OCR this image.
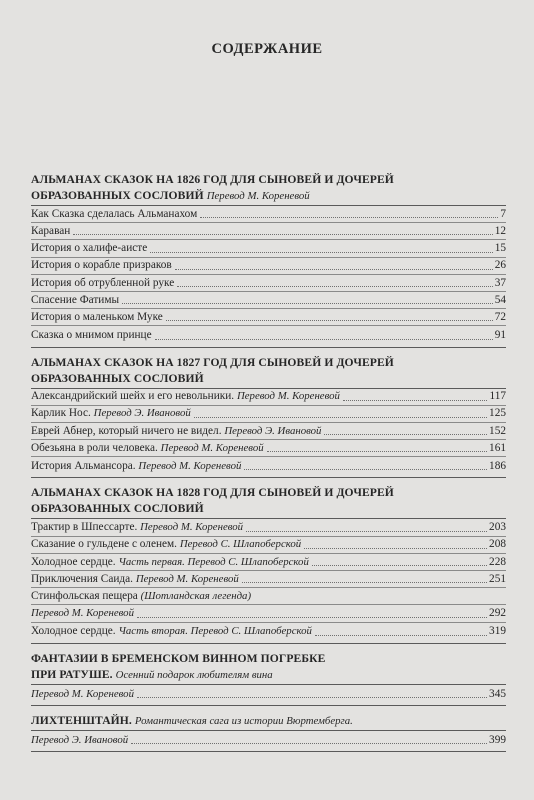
СОДЕРЖАНИЕ
АЛЬМАНАХ СКАЗОК НА 1826 ГОД ДЛЯ СЫНОВЕЙ И ДОЧЕРЕЙ
ОБРАЗОВАННЫХ СОСЛОВИЙ Перевод М. Кореневой
Как Сказка сделалась Альманахом	7
Караван	12
История о халифе-аисте	15
История о корабле призраков	26
История об отрубленной руке	37
Спасение Фатимы	54
История о маленьком Муке	72
Сказка о мнимом принце	91
АЛЬМАНАХ СКАЗОК НА 1827 ГОД ДЛЯ СЫНОВЕЙ И ДОЧЕРЕЙ
ОБРАЗОВАННЫХ СОСЛОВИЙ
Александрийский шейх и его невольники. Перевод М. Кореневой	117
Карлик Нос. Перевод Э. Ивановой	125
Еврей Абнер, который ничего не видел. Перевод Э. Ивановой	152
Обезьяна в роли человека. Перевод М. Кореневой	161
История Альмансора. Перевод М. Кореневой	186
АЛЬМАНАХ СКАЗОК НА 1828 ГОД ДЛЯ СЫНОВЕЙ И ДОЧЕРЕЙ
ОБРАЗОВАННЫХ СОСЛОВИЙ
Трактир в Шпессарте. Перевод М. Кореневой	203
Сказание о гульдене с оленем. Перевод С. Шлапоберской	208
Холодное сердце. Часть первая. Перевод С. Шлапоберской	228
Приключения Саида. Перевод М. Кореневой	251
Стинфольская пещера (Шотландская легенда)
Перевод М. Кореневой	292
Холодное сердце. Часть вторая. Перевод С. Шлапоберской	319
ФАНТАЗИИ В БРЕМЕНСКОМ ВИННОМ ПОГРЕБКЕ
ПРИ РАТУШЕ. Осенний подарок любителям вина
Перевод М. Кореневой	345
ЛИХТЕНШТАЙН. Романтическая сага из истории Вюртемберга.
Перевод Э. Ивановой	399
